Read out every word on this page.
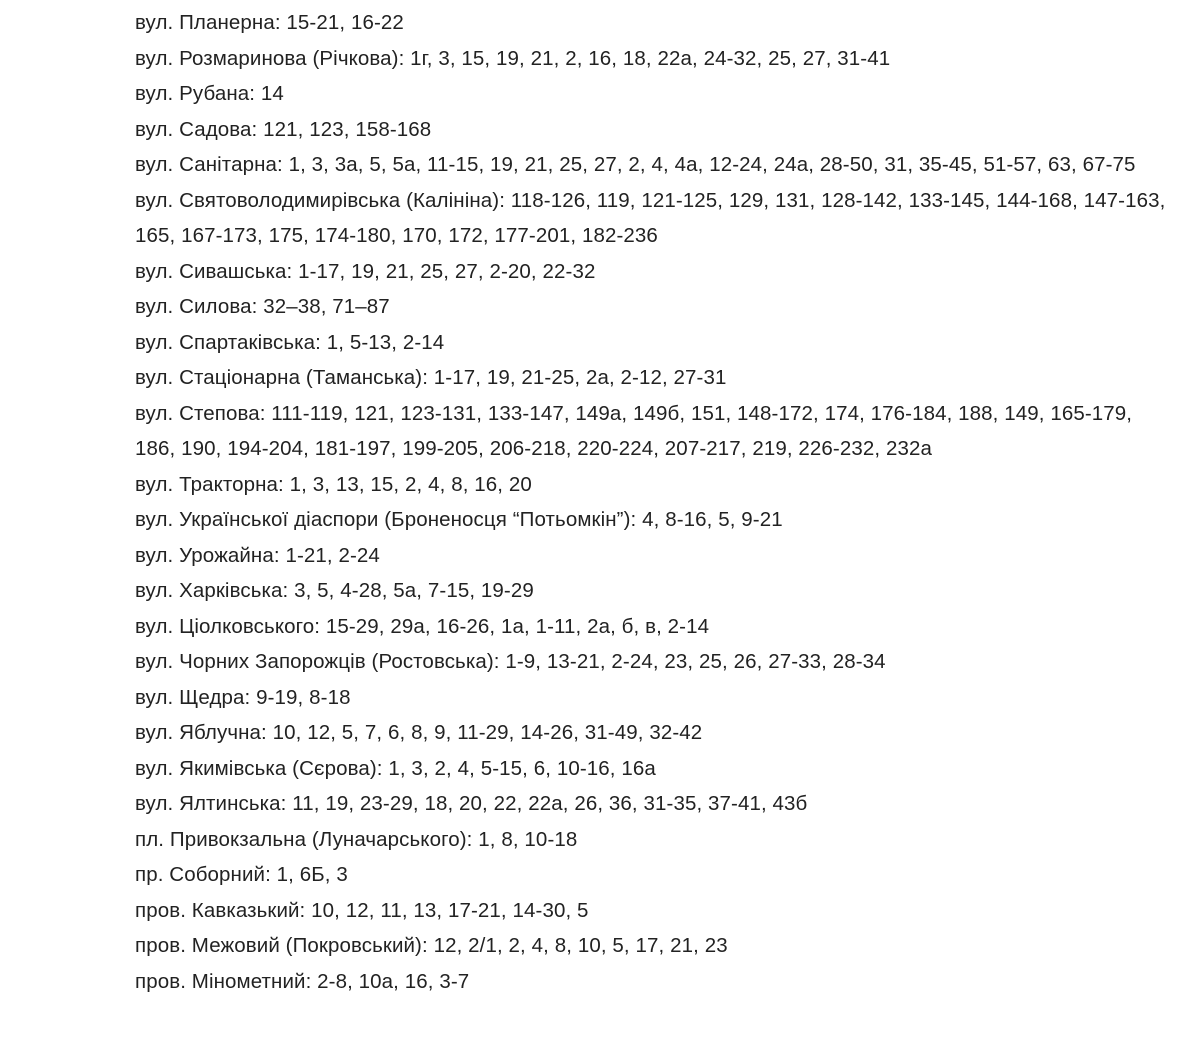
вул. Планерна: 15-21, 16-22
вул. Розмаринова (Річкова): 1г, 3, 15, 19, 21, 2, 16, 18, 22а, 24-32, 25, 27, 31-41
вул. Рубана: 14
вул. Садова: 121, 123, 158-168
вул. Санітарна: 1, 3, 3а, 5, 5а, 11-15, 19, 21, 25, 27, 2, 4, 4а, 12-24, 24а, 28-50, 31, 35-45, 51-57, 63, 67-75
вул. Святоволодимирівська (Калініна): 118-126, 119, 121-125, 129, 131, 128-142, 133-145, 144-168, 147-163, 165, 167-173, 175, 174-180, 170, 172, 177-201, 182-236
вул. Сивашська: 1-17, 19, 21, 25, 27, 2-20, 22-32
вул. Силова: 32–38, 71–87
вул. Спартаківська: 1, 5-13, 2-14
вул. Стаціонарна (Таманська): 1-17, 19, 21-25, 2а, 2-12, 27-31
вул. Степова: 111-119, 121, 123-131, 133-147, 149а, 149б, 151, 148-172, 174, 176-184, 188, 149, 165-179, 186, 190, 194-204, 181-197, 199-205, 206-218, 220-224, 207-217, 219, 226-232, 232а
вул. Тракторна: 1, 3, 13, 15, 2, 4, 8, 16, 20
вул. Української діаспори (Броненосця “Потьомкін”): 4, 8-16, 5, 9-21
вул. Урожайна: 1-21, 2-24
вул. Харківська: 3, 5, 4-28, 5а, 7-15, 19-29
вул. Ціолковського: 15-29, 29а, 16-26, 1а, 1-11, 2а, б, в, 2-14
вул. Чорних Запорожців (Ростовська): 1-9, 13-21, 2-24, 23, 25, 26, 27-33, 28-34
вул. Щедра: 9-19, 8-18
вул. Яблучна: 10, 12, 5, 7, 6, 8, 9, 11-29, 14-26, 31-49, 32-42
вул. Якимівська (Сєрова): 1, 3, 2, 4, 5-15, 6, 10-16, 16а
вул. Ялтинська: 11, 19, 23-29, 18, 20, 22, 22а, 26, 36, 31-35, 37-41, 43б
пл. Привокзальна (Луначарського): 1, 8, 10-18
пр. Соборний: 1, 6Б, 3
пров. Кавказький: 10, 12, 11, 13, 17-21, 14-30, 5
пров. Межовий (Покровський): 12, 2/1, 2, 4, 8, 10, 5, 17, 21, 23
пров. Мінометний: 2-8, 10а, 16, 3-7
